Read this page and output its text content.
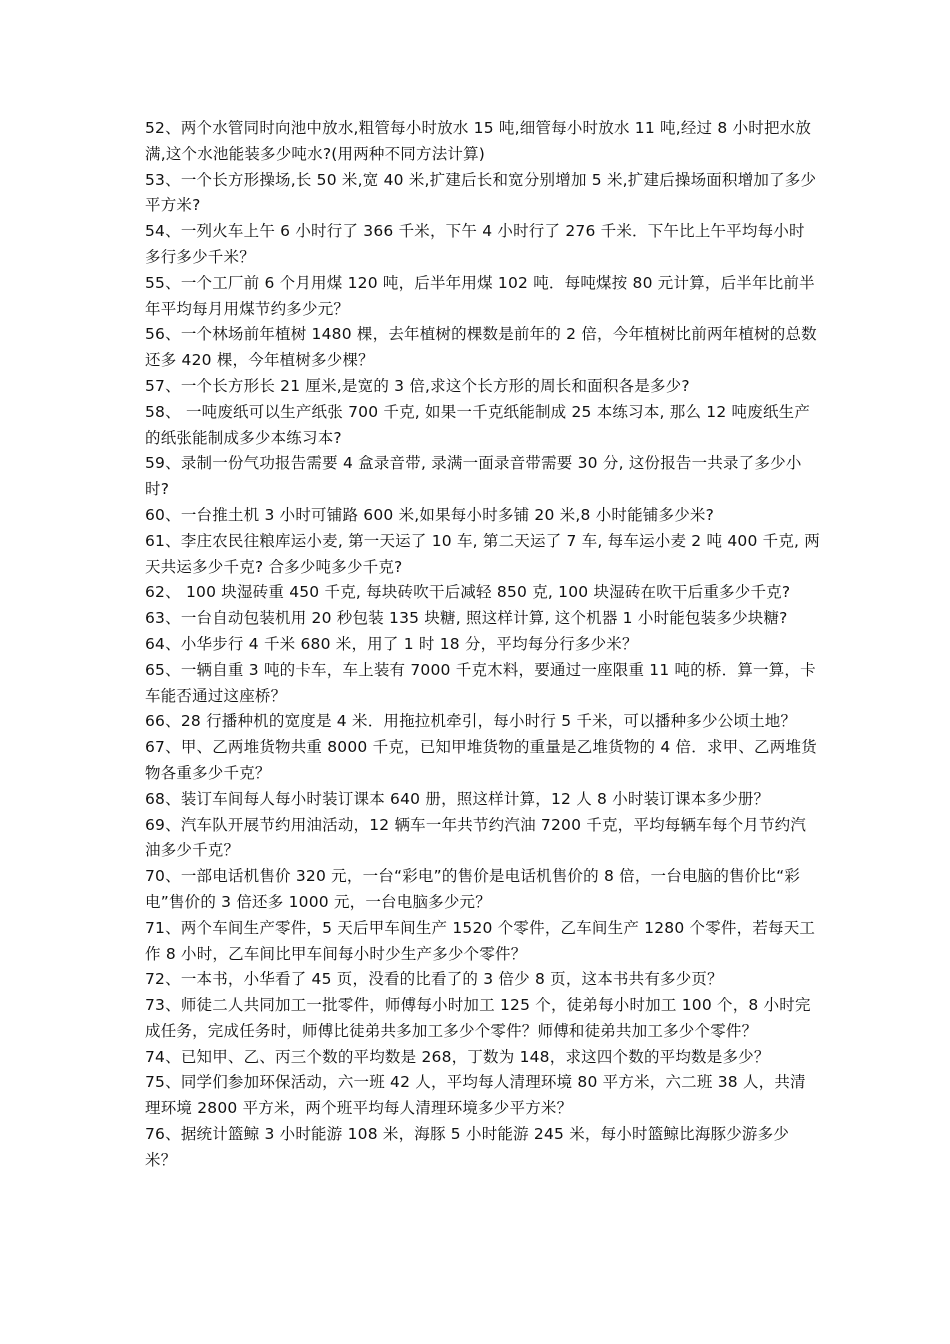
52、两个水管同时向池中放水,粗管每小时放水 15 吨,细管每小时放水 11 吨,经过 8 小时把水放满,这个水池能装多少吨水?(用两种不同方法计算)

53、一个长方形操场,长 50 米,宽 40 米,扩建后长和宽分别增加 5 米,扩建后操场面积增加了多少平方米?

54、一列火车上午 6 小时行了 366 千米，下午 4 小时行了 276 千米．下午比上午平均每小时多行多少千米？

55、一个工厂前 6 个月用煤 120 吨，后半年用煤 102 吨．每吨煤按 80 元计算，后半年比前半年平均每月用煤节约多少元？

56、一个林场前年植树 1480 棵，去年植树的棵数是前年的 2 倍，今年植树比前两年植树的总数还多 420 棵，今年植树多少棵？

57、一个长方形长 21 厘米,是宽的 3 倍,求这个长方形的周长和面积各是多少?

58、 一吨废纸可以生产纸张 700 千克, 如果一千克纸能制成 25 本练习本, 那么 12 吨废纸生产的纸张能制成多少本练习本?

59、录制一份气功报告需要 4 盒录音带, 录满一面录音带需要 30 分, 这份报告一共录了多少小时?

60、一台推土机 3 小时可铺路 600 米,如果每小时多铺 20 米,8 小时能铺多少米?

61、李庄农民往粮库运小麦, 第一天运了 10 车, 第二天运了 7 车, 每车运小麦 2 吨 400 千克, 两天共运多少千克? 合多少吨多少千克?

62、 100 块湿砖重 450 千克, 每块砖吹干后减轻 850 克, 100 块湿砖在吹干后重多少千克?

63、一台自动包装机用 20 秒包装 135 块糖, 照这样计算, 这个机器 1 小时能包装多少块糖?

64、小华步行 4 千米 680 米，用了 1 时 18 分，平均每分行多少米？

65、一辆自重 3 吨的卡车，车上装有 7000 千克木料，要通过一座限重 11 吨的桥．算一算，卡车能否通过这座桥？

66、28 行播种机的宽度是 4 米．用拖拉机牵引，每小时行 5 千米，可以播种多少公顷土地？

67、甲、乙两堆货物共重 8000 千克，已知甲堆货物的重量是乙堆货物的 4 倍．求甲、乙两堆货物各重多少千克？

68、装订车间每人每小时装订课本 640 册，照这样计算，12 人 8 小时装订课本多少册？

69、汽车队开展节约用油活动，12 辆车一年共节约汽油 7200 千克，平均每辆车每个月节约汽油多少千克？

70、一部电话机售价 320 元，一台“彩电”的售价是电话机售价的 8 倍，一台电脑的售价比“彩电”售价的 3 倍还多 1000 元，一台电脑多少元？

71、两个车间生产零件，5 天后甲车间生产 1520 个零件，乙车间生产 1280 个零件，若每天工作 8 小时，乙车间比甲车间每小时少生产多少个零件？

72、一本书，小华看了 45 页，没看的比看了的 3 倍少 8 页，这本书共有多少页？

73、师徒二人共同加工一批零件，师傅每小时加工 125 个，徒弟每小时加工 100 个，8 小时完成任务，完成任务时，师傅比徒弟共多加工多少个零件？师傅和徒弟共加工多少个零件？

74、已知甲、乙、丙三个数的平均数是 268，丁数为 148，求这四个数的平均数是多少？

75、同学们参加环保活动，六一班 42 人，平均每人清理环境 80 平方米，六二班 38 人，共清理环境 2800 平方米，两个班平均每人清理环境多少平方米？

76、据统计篮鲸 3 小时能游 108 米，海豚 5 小时能游 245 米，每小时篮鲸比海豚少游多少米？
